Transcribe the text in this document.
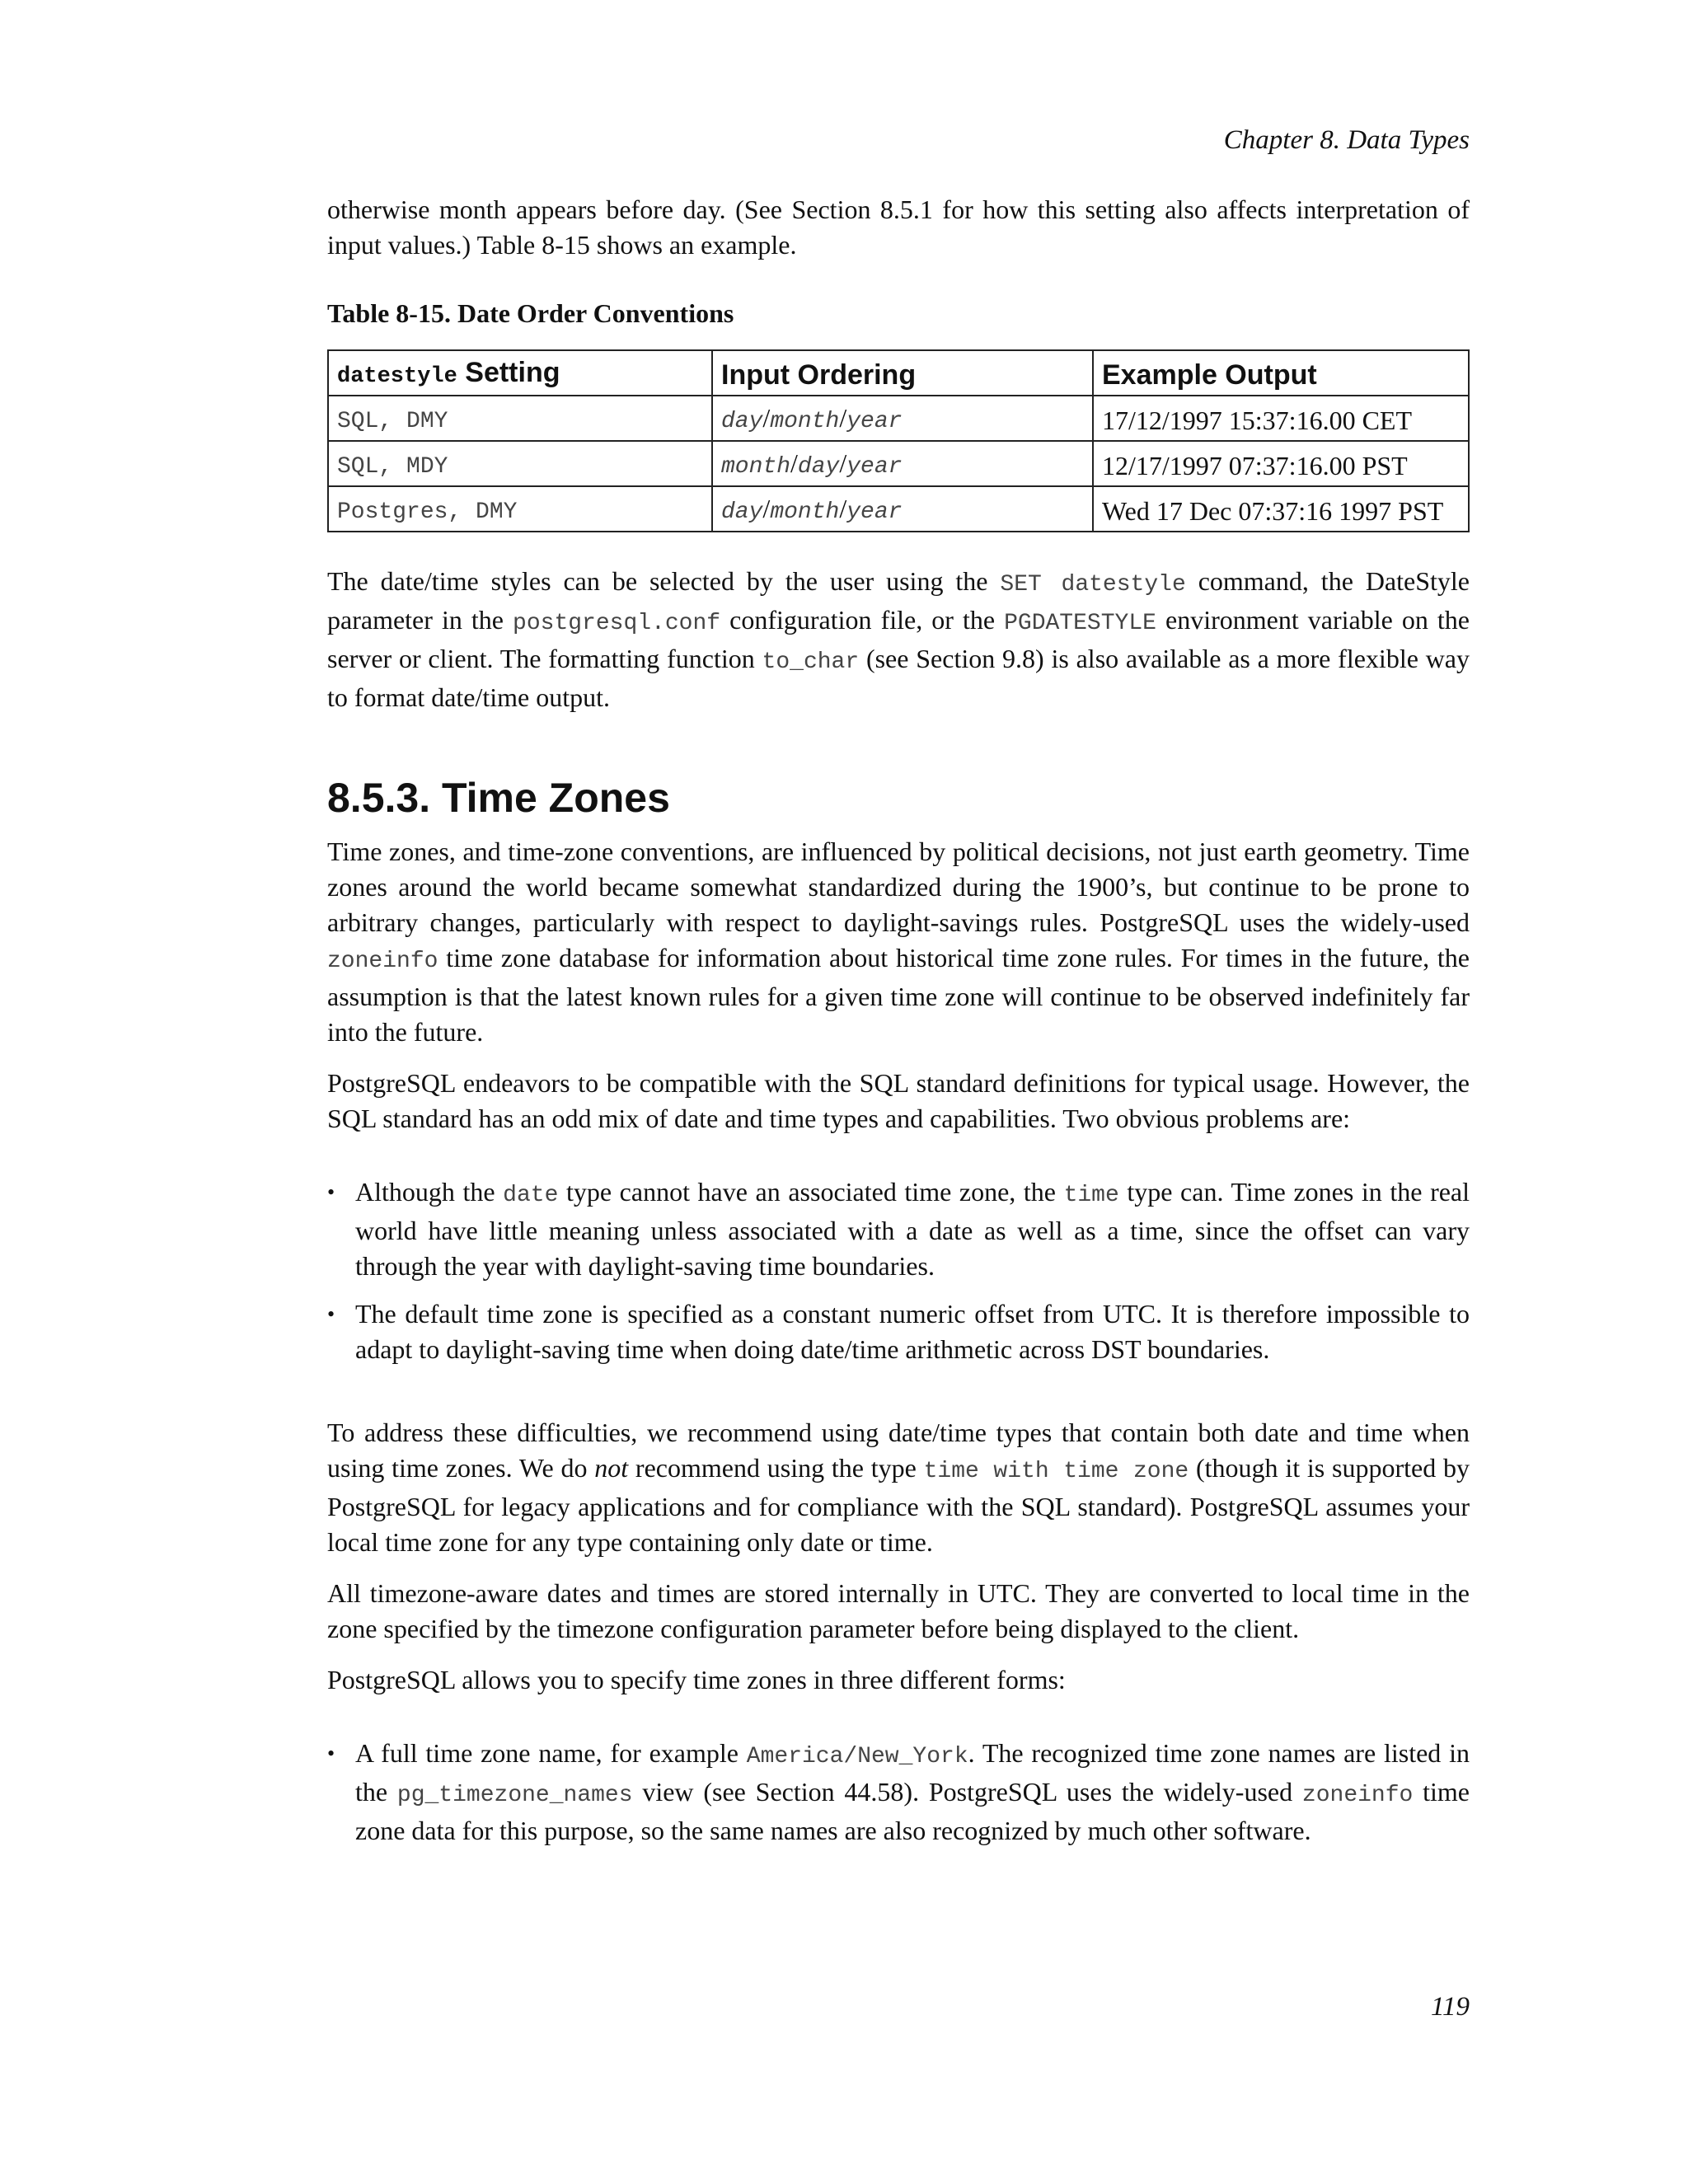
Chapter 8. Data Types

otherwise month appears before day. (See Section 8.5.1 for how this setting also affects interpretation of input values.) Table 8-15 shows an example.

Table 8-15. Date Order Conventions

datestyle Setting	Input Ordering	Example Output
SQL, DMY	day/month/year	17/12/1997 15:37:16.00 CET
SQL, MDY	month/day/year	12/17/1997 07:37:16.00 PST
Postgres, DMY	day/month/year	Wed 17 Dec 07:37:16 1997 PST

The date/time styles can be selected by the user using the SET datestyle command, the DateStyle parameter in the postgresql.conf configuration file, or the PGDATESTYLE environment variable on the server or client. The formatting function to_char (see Section 9.8) is also available as a more flexible way to format date/time output.

8.5.3. Time Zones

Time zones, and time-zone conventions, are influenced by political decisions, not just earth geometry. Time zones around the world became somewhat standardized during the 1900’s, but continue to be prone to arbitrary changes, particularly with respect to daylight-savings rules. PostgreSQL uses the widely-used zoneinfo time zone database for information about historical time zone rules. For times in the future, the assumption is that the latest known rules for a given time zone will continue to be observed indefinitely far into the future.

PostgreSQL endeavors to be compatible with the SQL standard definitions for typical usage. However, the SQL standard has an odd mix of date and time types and capabilities. Two obvious problems are:

• Although the date type cannot have an associated time zone, the time type can. Time zones in the real world have little meaning unless associated with a date as well as a time, since the offset can vary through the year with daylight-saving time boundaries.
• The default time zone is specified as a constant numeric offset from UTC. It is therefore impossible to adapt to daylight-saving time when doing date/time arithmetic across DST boundaries.

To address these difficulties, we recommend using date/time types that contain both date and time when using time zones. We do not recommend using the type time with time zone (though it is supported by PostgreSQL for legacy applications and for compliance with the SQL standard). PostgreSQL assumes your local time zone for any type containing only date or time.

All timezone-aware dates and times are stored internally in UTC. They are converted to local time in the zone specified by the timezone configuration parameter before being displayed to the client.

PostgreSQL allows you to specify time zones in three different forms:

• A full time zone name, for example America/New_York. The recognized time zone names are listed in the pg_timezone_names view (see Section 44.58). PostgreSQL uses the widely-used zoneinfo time zone data for this purpose, so the same names are also recognized by much other software.
119
